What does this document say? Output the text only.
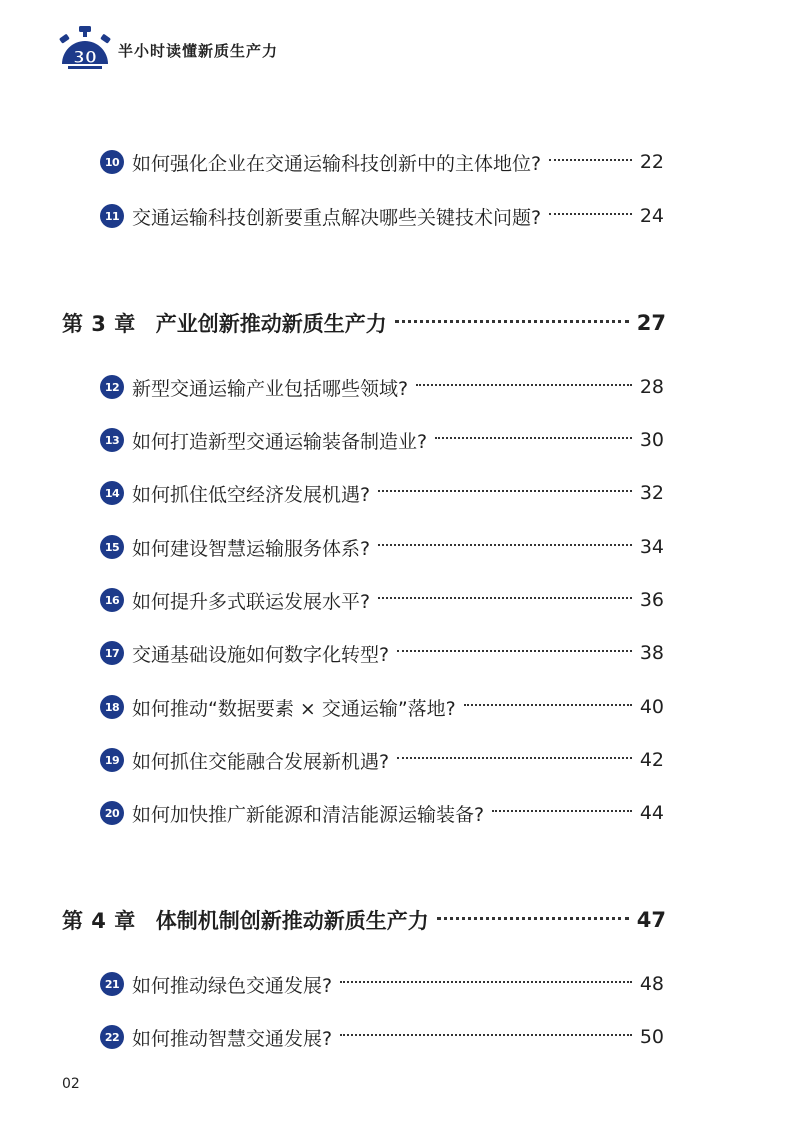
30	半小时读懂新质生产力
10 如何强化企业在交通运输科技创新中的主体地位?	22
11 交通运输科技创新要重点解决哪些关键技术问题?	24
第 3 章 产业创新推动新质生产力	27
12 新型交通运输产业包括哪些领域?	28
13 如何打造新型交通运输装备制造业?	30
14 如何抓住低空经济发展机遇?	32
15 如何建设智慧运输服务体系?	34
16 如何提升多式联运发展水平?	36
17 交通基础设施如何数字化转型?	38
18 如何推动“数据要素 × 交通运输”落地?	40
19 如何抓住交能融合发展新机遇?	42
20 如何加快推广新能源和清洁能源运输装备?	44
第 4 章 体制机制创新推动新质生产力	47
21 如何推动绿色交通发展?	48
22 如何推动智慧交通发展?	50
02
